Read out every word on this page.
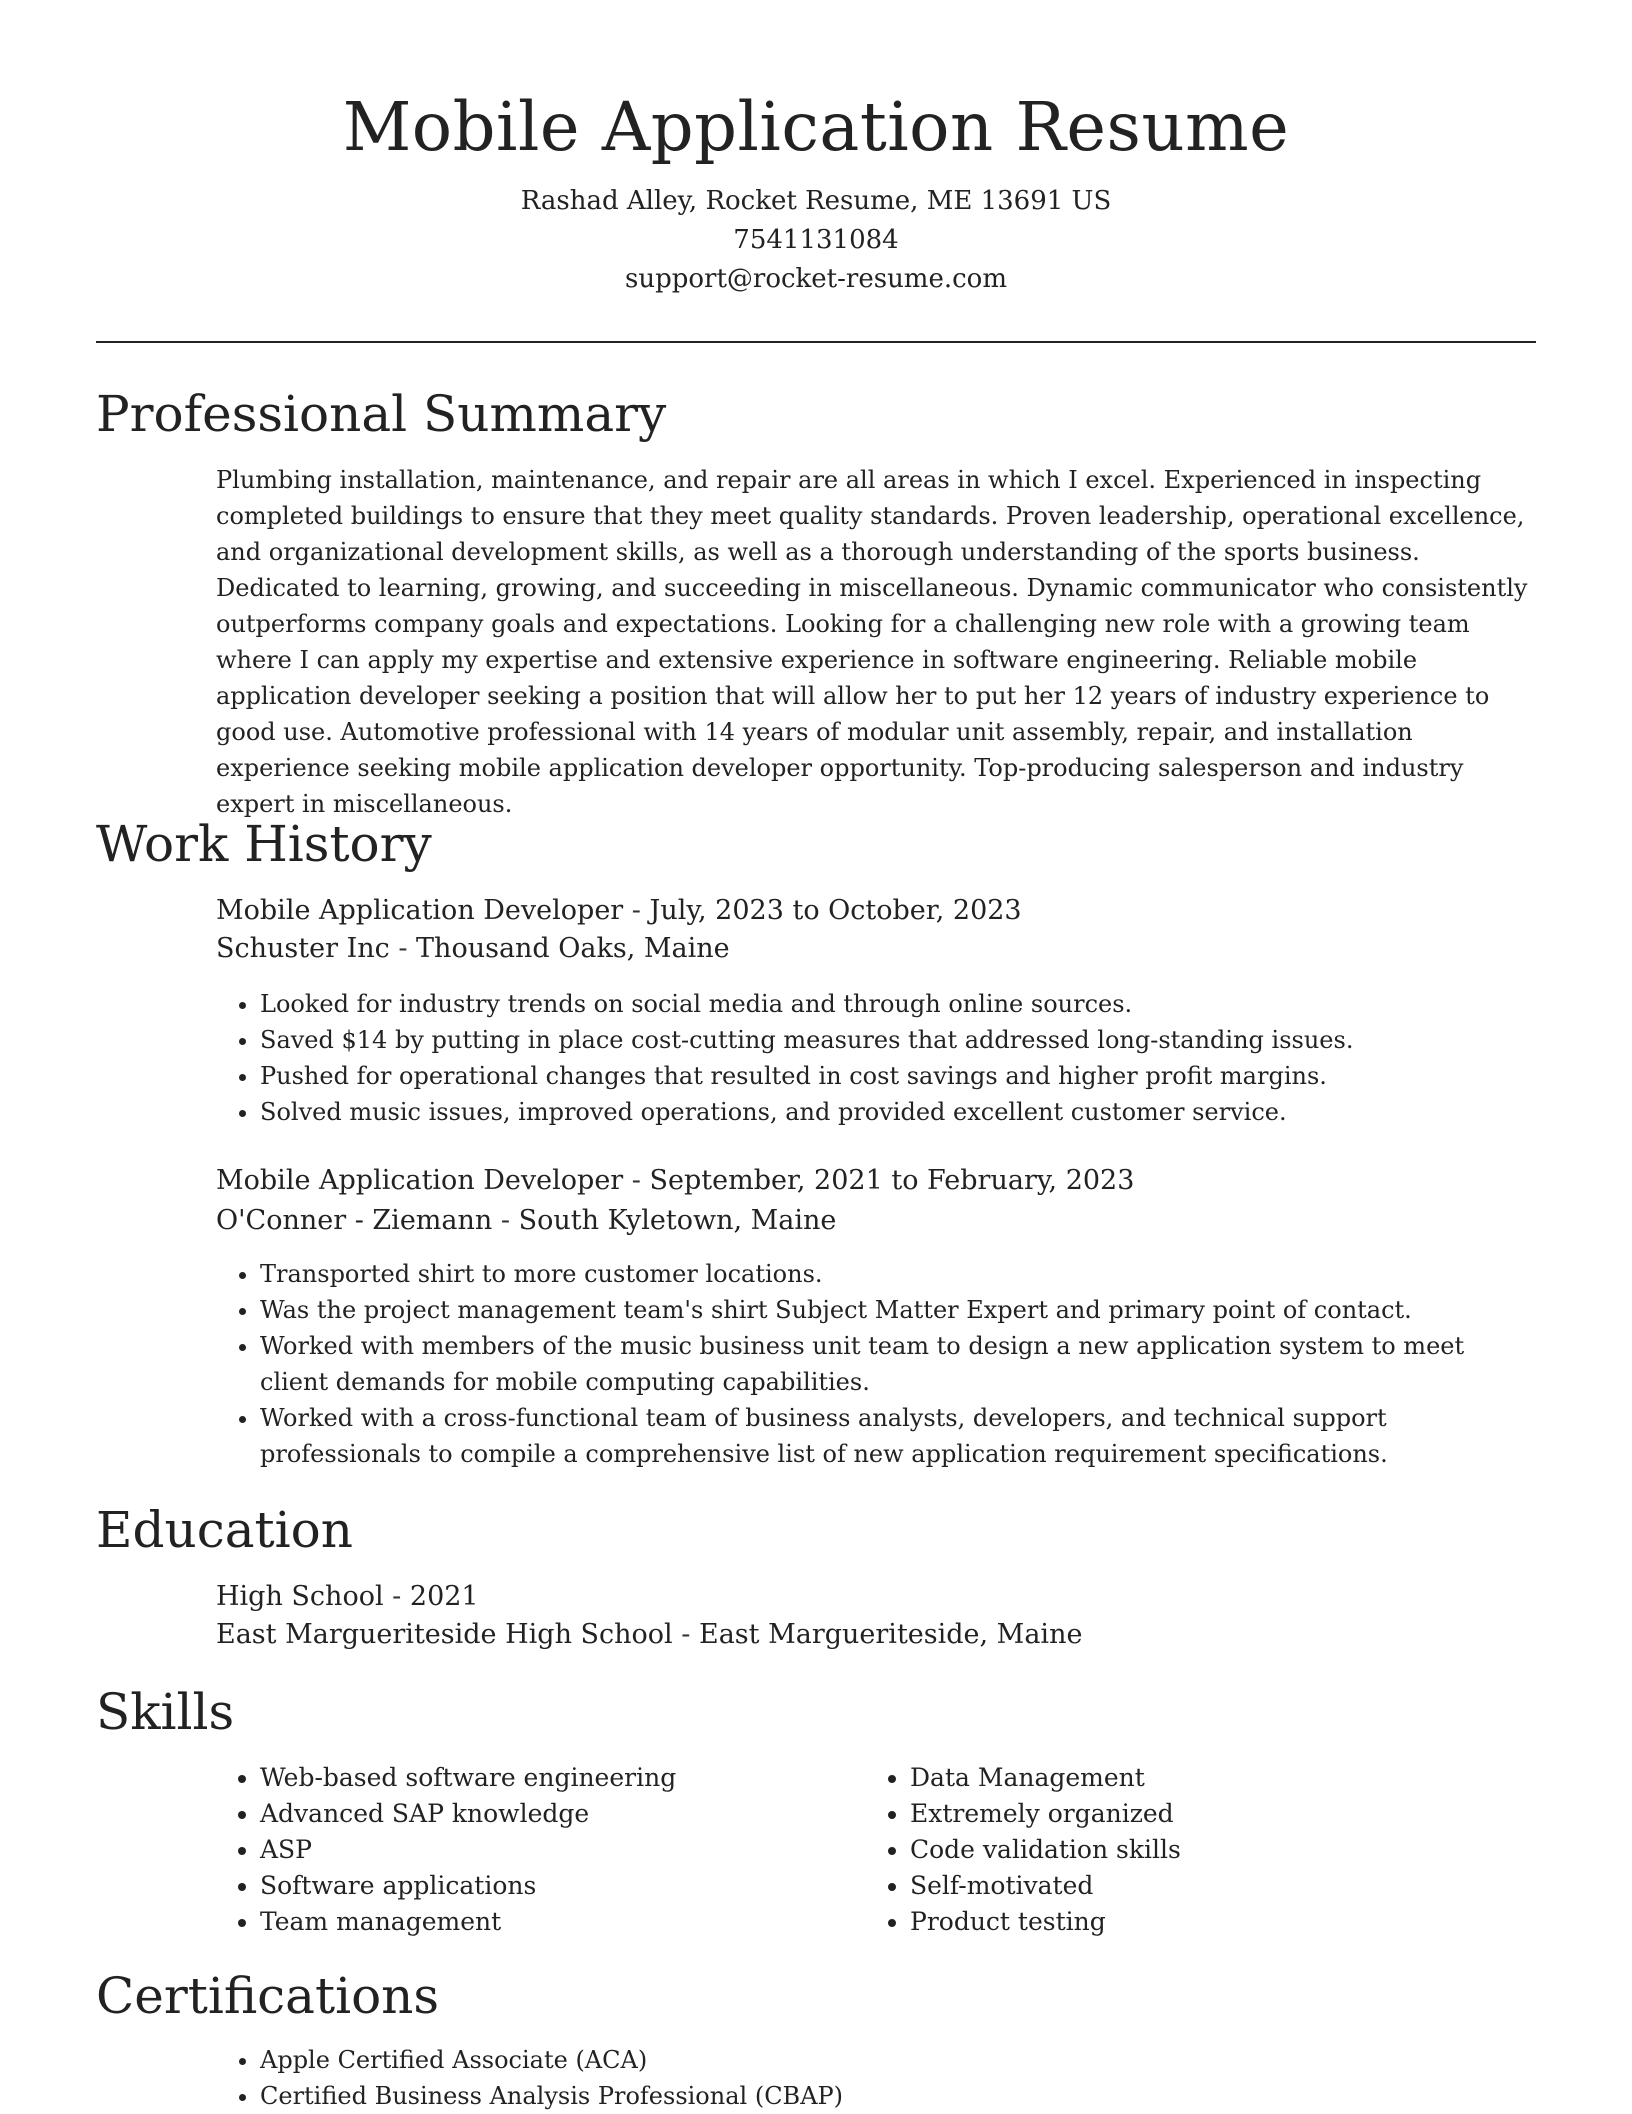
Mobile Application Resume
Rashad Alley, Rocket Resume, ME 13691 US
7541131084
support@rocket-resume.com
Professional Summary
Plumbing installation, maintenance, and repair are all areas in which I excel. Experienced in inspecting completed buildings to ensure that they meet quality standards. Proven leadership, operational excellence, and organizational development skills, as well as a thorough understanding of the sports business. Dedicated to learning, growing, and succeeding in miscellaneous. Dynamic communicator who consistently outperforms company goals and expectations. Looking for a challenging new role with a growing team where I can apply my expertise and extensive experience in software engineering. Reliable mobile application developer seeking a position that will allow her to put her 12 years of industry experience to good use. Automotive professional with 14 years of modular unit assembly, repair, and installation experience seeking mobile application developer opportunity. Top-producing salesperson and industry expert in miscellaneous.
Work History
Mobile Application Developer - July, 2023 to October, 2023
Schuster Inc - Thousand Oaks, Maine
• Looked for industry trends on social media and through online sources.
• Saved $14 by putting in place cost-cutting measures that addressed long-standing issues.
• Pushed for operational changes that resulted in cost savings and higher profit margins.
• Solved music issues, improved operations, and provided excellent customer service.
Mobile Application Developer - September, 2021 to February, 2023
O'Conner - Ziemann - South Kyletown, Maine
• Transported shirt to more customer locations.
• Was the project management team's shirt Subject Matter Expert and primary point of contact.
• Worked with members of the music business unit team to design a new application system to meet client demands for mobile computing capabilities.
• Worked with a cross-functional team of business analysts, developers, and technical support professionals to compile a comprehensive list of new application requirement specifications.
Education
High School - 2021
East Margueriteside High School - East Margueriteside, Maine
Skills
• Web-based software engineering
• Advanced SAP knowledge
• ASP
• Software applications
• Team management
• Data Management
• Extremely organized
• Code validation skills
• Self-motivated
• Product testing
Certifications
• Apple Certified Associate (ACA)
• Certified Business Analysis Professional (CBAP)
